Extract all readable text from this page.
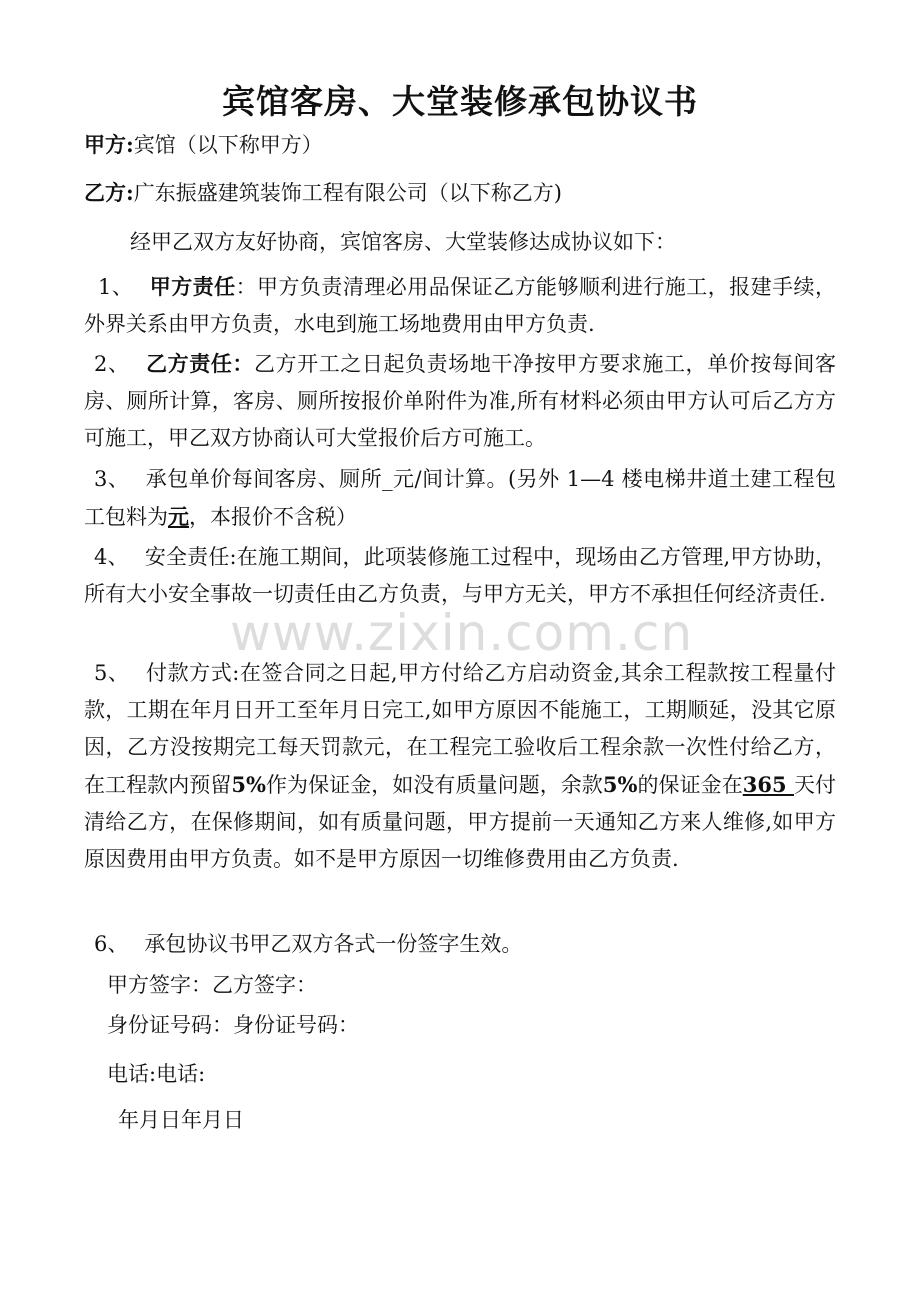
宾馆客房、大堂装修承包协议书
甲方:宾馆（以下称甲方）
乙方:广东振盛建筑装饰工程有限公司（以下称乙方)
经甲乙双方友好协商，宾馆客房、大堂装修达成协议如下：
1、 甲方责任：甲方负责清理必用品保证乙方能够顺利进行施工，报建手续，外界关系由甲方负责，水电到施工场地费用由甲方负责.
2、 乙方责任：乙方开工之日起负责场地干净按甲方要求施工，单价按每间客房、厕所计算，客房、厕所按报价单附件为准,所有材料必须由甲方认可后乙方方可施工，甲乙双方协商认可大堂报价后方可施工。
3、 承包单价每间客房、厕所_元/间计算。(另外 1—4 楼电梯井道土建工程包工包料为元，本报价不含税）
4、 安全责任:在施工期间，此项装修施工过程中，现场由乙方管理,甲方协助，所有大小安全事故一切责任由乙方负责，与甲方无关，甲方不承担任何经济责任.
5、 付款方式:在签合同之日起,甲方付给乙方启动资金,其余工程款按工程量付款，工期在年月日开工至年月日完工,如甲方原因不能施工，工期顺延，没其它原因，乙方没按期完工每天罚款元，在工程完工验收后工程余款一次性付给乙方，在工程款内预留5%作为保证金，如没有质量问题，余款5%的保证金在365 天付清给乙方，在保修期间，如有质量问题，甲方提前一天通知乙方来人维修,如甲方原因费用由甲方负责。如不是甲方原因一切维修费用由乙方负责.
6、 承包协议书甲乙双方各式一份签字生效。
甲方签字：乙方签字：
身份证号码：身份证号码：
电话:电话:
年月日年月日
www.zixin.com.cn
